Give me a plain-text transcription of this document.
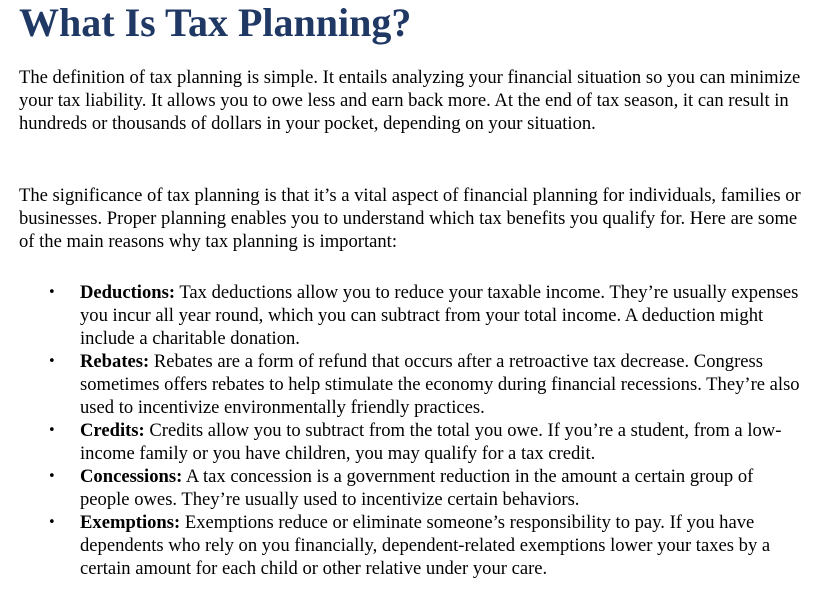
What Is Tax Planning?

The definition of tax planning is simple. It entails analyzing your financial situation so you can minimize your tax liability. It allows you to owe less and earn back more. At the end of tax season, it can result in hundreds or thousands of dollars in your pocket, depending on your situation.

The significance of tax planning is that it’s a vital aspect of financial planning for individuals, families or businesses. Proper planning enables you to understand which tax benefits you qualify for. Here are some of the main reasons why tax planning is important:

• Deductions: Tax deductions allow you to reduce your taxable income. They’re usually expenses you incur all year round, which you can subtract from your total income. A deduction might include a charitable donation.
• Rebates: Rebates are a form of refund that occurs after a retroactive tax decrease. Congress sometimes offers rebates to help stimulate the economy during financial recessions. They’re also used to incentivize environmentally friendly practices.
• Credits: Credits allow you to subtract from the total you owe. If you’re a student, from a low-income family or you have children, you may qualify for a tax credit.
• Concessions: A tax concession is a government reduction in the amount a certain group of people owes. They’re usually used to incentivize certain behaviors.
• Exemptions: Exemptions reduce or eliminate someone’s responsibility to pay. If you have dependents who rely on you financially, dependent-related exemptions lower your taxes by a certain amount for each child or other relative under your care.
